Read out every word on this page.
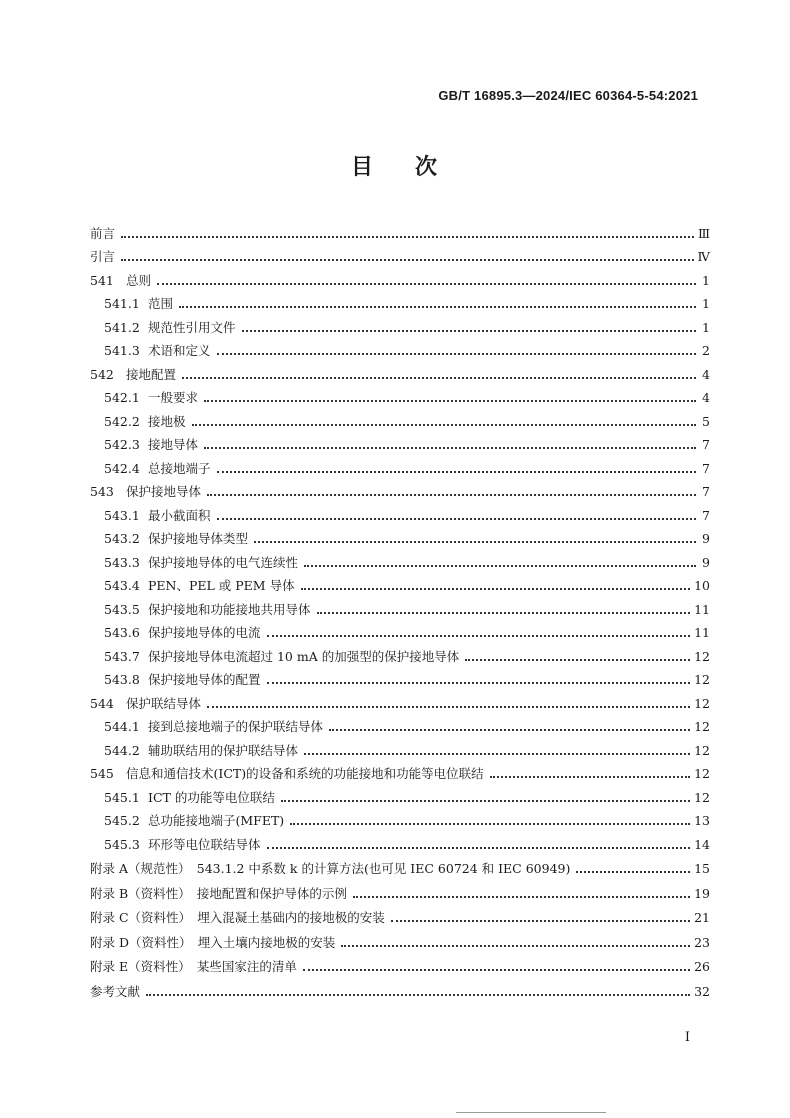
GB/T 16895.3—2024/IEC 60364-5-54:2021
目 次
前言	Ⅲ
引言	Ⅳ
541 总则	1
541.1 范围	1
541.2 规范性引用文件	1
541.3 术语和定义	2
542 接地配置	4
542.1 一般要求	4
542.2 接地极	5
542.3 接地导体	7
542.4 总接地端子	7
543 保护接地导体	7
543.1 最小截面积	7
543.2 保护接地导体类型	9
543.3 保护接地导体的电气连续性	9
543.4 PEN、PEL 或 PEM 导体	10
543.5 保护接地和功能接地共用导体	11
543.6 保护接地导体的电流	11
543.7 保护接地导体电流超过 10 mA 的加强型的保护接地导体	12
543.8 保护接地导体的配置	12
544 保护联结导体	12
544.1 接到总接地端子的保护联结导体	12
544.2 辅助联结用的保护联结导体	12
545 信息和通信技术(ICT)的设备和系统的功能接地和功能等电位联结	12
545.1 ICT 的功能等电位联结	12
545.2 总功能接地端子(MFET)	13
545.3 环形等电位联结导体	14
附录 A（规范性）　543.1.2 中系数 k 的计算方法(也可见 IEC 60724 和 IEC 60949)	15
附录 B（资料性）　接地配置和保护导体的示例	19
附录 C（资料性）　埋入混凝土基础内的接地极的安装	21
附录 D（资料性）　埋入土壤内接地极的安装	23
附录 E（资料性）　某些国家注的清单	26
参考文献	32
I
